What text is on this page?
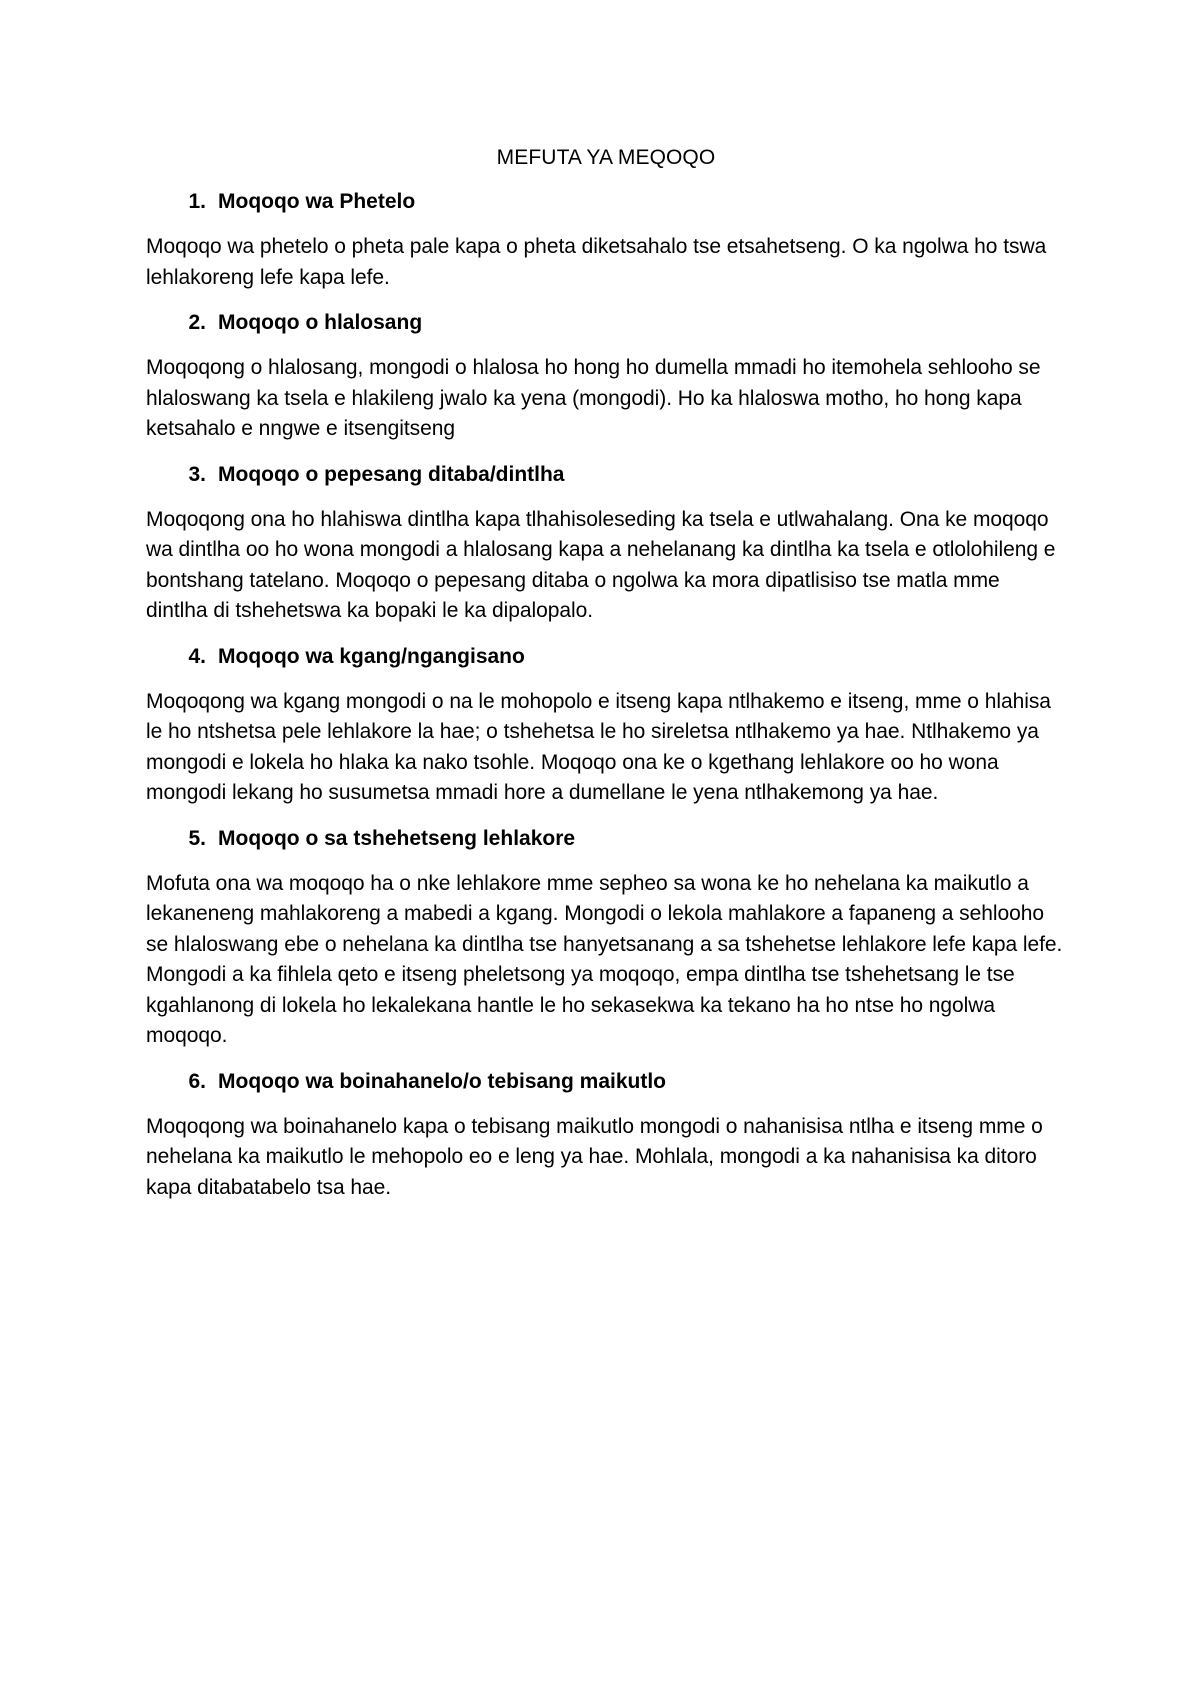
MEFUTA YA MEQOQO
1. Moqoqo wa Phetelo

Moqoqo wa phetelo o pheta pale kapa o pheta diketsahalo tse etsahetseng. O ka ngolwa ho tswa lehlakoreng lefe kapa lefe.

2. Moqoqo o hlalosang

Moqoqong o hlalosang, mongodi o hlalosa ho hong ho dumella mmadi ho itemohela sehlooho se hlaloswang ka tsela e hlakileng jwalo ka yena (mongodi). Ho ka hlaloswa motho, ho hong kapa ketsahalo e nngwe e itsengitseng

3. Moqoqo o pepesang ditaba/dintlha

Moqoqong ona ho hlahiswa dintlha kapa tlhahisoleseding ka tsela e utlwahalang. Ona ke moqoqo wa dintlha oo ho wona mongodi a hlalosang kapa a nehelanang ka dintlha ka tsela e otlolohileng e bontshang tatelano. Moqoqo o pepesang ditaba o ngolwa ka mora dipatlisiso tse matla mme dintlha di tshehetswa ka bopaki le ka dipalopalo.

4. Moqoqo wa kgang/ngangisano

Moqoqong wa kgang mongodi o na le mohopolo e itseng kapa ntlhakemo e itseng, mme o hlahisa le ho ntshetsa pele lehlakore la hae; o tshehetsa le ho sireletsa ntlhakemo ya hae. Ntlhakemo ya mongodi e lokela ho hlaka ka nako tsohle. Moqoqo ona ke o kgethang lehlakore oo ho wona mongodi lekang ho susumetsa mmadi hore a dumellane le yena ntlhakemong ya hae.

5. Moqoqo o sa tshehetseng lehlakore

Mofuta ona wa moqoqo ha o nke lehlakore mme sepheo sa wona ke ho nehelana ka maikutlo a lekaneneng mahlakoreng a mabedi a kgang. Mongodi o lekola mahlakore a fapaneng a sehlooho se hlaloswang ebe o nehelana ka dintlha tse hanyetsanang a sa tshehetse lehlakore lefe kapa lefe. Mongodi a ka fihlela qeto e itseng pheletsong ya moqoqo, empa dintlha tse tshehetsang le tse kgahlanong di lokela ho lekalekana hantle le ho sekasekwa ka tekano ha ho ntse ho ngolwa moqoqo.

6. Moqoqo wa boinahanelo/o tebisang maikutlo

Moqoqong wa boinahanelo kapa o tebisang maikutlo mongodi o nahanisisa ntlha e itseng mme o nehelana ka maikutlo le mehopolo eo e leng ya hae. Mohlala, mongodi a ka nahanisisa ka ditoro kapa ditabatabelo tsa hae.
